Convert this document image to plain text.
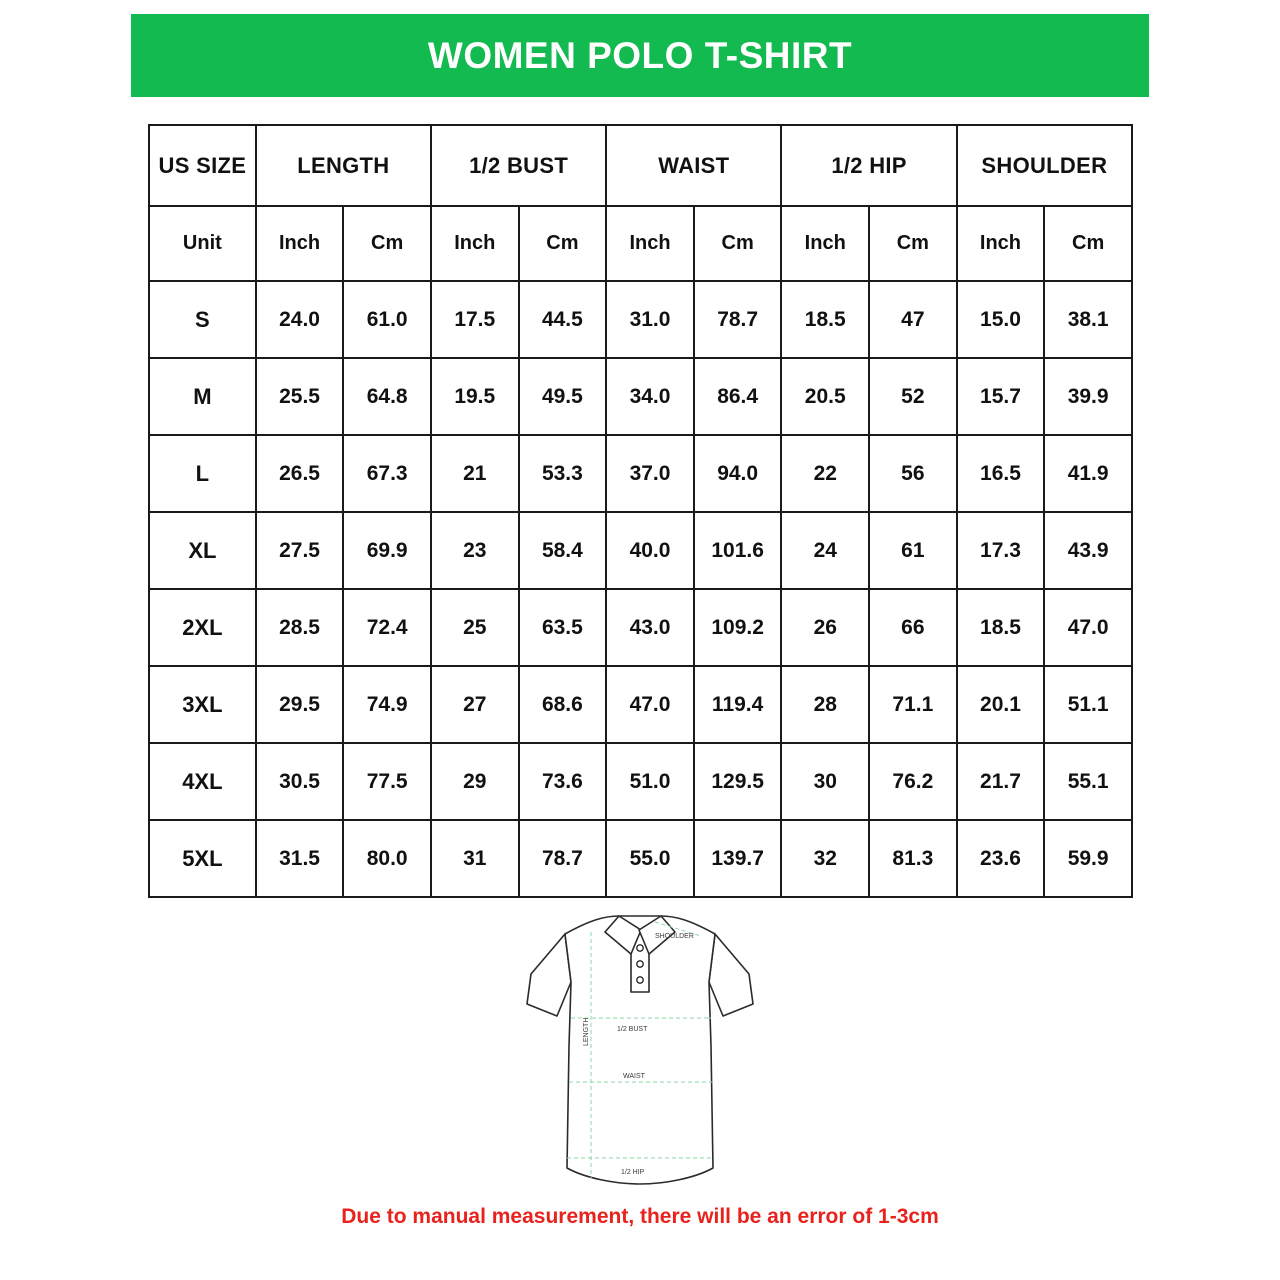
WOMEN POLO T-SHIRT
US SIZE	LENGTH		1/2 BUST		WAIST		1/2 HIP		SHOULDER	
Unit	Inch	Cm	Inch	Cm	Inch	Cm	Inch	Cm	Inch	Cm
S	24.0	61.0	17.5	44.5	31.0	78.7	18.5	47	15.0	38.1
M	25.5	64.8	19.5	49.5	34.0	86.4	20.5	52	15.7	39.9
L	26.5	67.3	21	53.3	37.0	94.0	22	56	16.5	41.9
XL	27.5	69.9	23	58.4	40.0	101.6	24	61	17.3	43.9
2XL	28.5	72.4	25	63.5	43.0	109.2	26	66	18.5	47.0
3XL	29.5	74.9	27	68.6	47.0	119.4	28	71.1	20.1	51.1
4XL	30.5	77.5	29	73.6	51.0	129.5	30	76.2	21.7	55.1
5XL	31.5	80.0	31	78.7	55.0	139.7	32	81.3	23.6	59.9
SHOULDER
LENGTH	1/2 BUST
WAIST
1/2 HIP
Due to manual measurement, there will be an error of 1-3cm
